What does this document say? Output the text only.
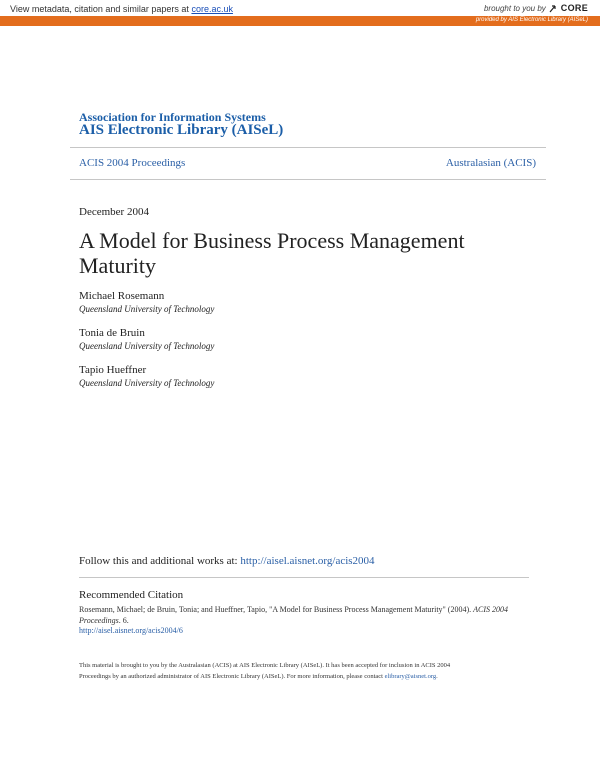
View metadata, citation and similar papers at core.ac.uk	brought to you by CORE
provided by AIS Electronic Library (AISeL)
Association for Information Systems
AIS Electronic Library (AISeL)
ACIS 2004 Proceedings	Australasian (ACIS)
December 2004
A Model for Business Process Management Maturity
Michael Rosemann
Queensland University of Technology
Tonia de Bruin
Queensland University of Technology
Tapio Hueffner
Queensland University of Technology
Follow this and additional works at: http://aisel.aisnet.org/acis2004
Recommended Citation
Rosemann, Michael; de Bruin, Tonia; and Hueffner, Tapio, "A Model for Business Process Management Maturity" (2004). ACIS 2004 Proceedings. 6.
http://aisel.aisnet.org/acis2004/6
This material is brought to you by the Australasian (ACIS) at AIS Electronic Library (AISeL). It has been accepted for inclusion in ACIS 2004
Proceedings by an authorized administrator of AIS Electronic Library (AISeL). For more information, please contact elibrary@aisnet.org.
